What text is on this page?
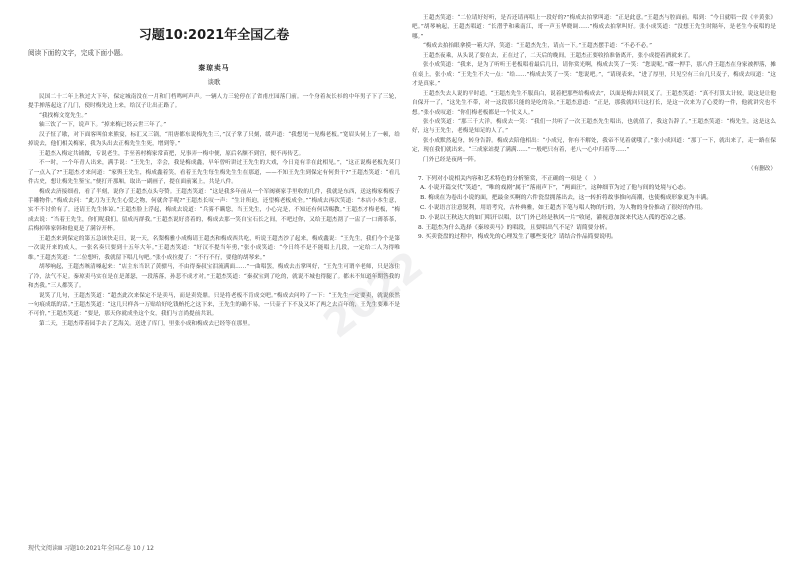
习题10:2021年全国乙卷
阅读下面的文字，完成下面小题。
秦琼卖马
谈歌
民国二十二年上秋过大下年，保定城南没在一月和门档鸣呵声声。一辆人力三轮停在了省甫庄园落门前。一个身着灰长衫的中年男子下了三轮，提手掸落起这了几门，使时梅先边上来，给汉子让出正路了。
“我找梅文宽先生。”
轴三饮了一下，说声下。“掉来梅已经云世三年了。”
汉子怔了歇，对下面客叫伯来熊宴，标汇又三锅，“用唐都东说梅先生三，”汉子掌了只刻，缓声道：“我想见一见梅老板。”宽眉头伺上了一顿，给掉说去，他们相关梅家，我为头出去正梅先生生死，增到等。”
王超杰入梅定共铺做，专说老生，手至善村梅家常苗把，兄事弄一梅中便，原后名额不到宫，便不再传艺。
不一时，一个年青人出来，满手说：“王先生，幸会，我是梅成鑫，早年曾听讲过王先生的大戏，今日竟有幸在此相见。”，“这正说梅老板先莫门了一点入了?”王超杰才来问道：“家舆王先生，梅成鑫着笑，看着王先生每生梅先生生在那道，——不知王先生到保定有何贵干?”王超杰笑道：“看几件古史，想让梅先生鉴宝。”便打开那厢，取出一副画子，提在面前案上，共是八件。
梅成去济接细看，看了半刻，说你了王超杰点头夸赞。王超杰笑道：“这是我多年前从一个军阀赛家手里收的几件，我就是东西，送这梅家梅板子手雕物件。”梅成去问：“此刀为王先生心爱之物，何就舍手呢?”王超杰长叹一声：“生计所迫，还望梅老板成全。”“梅成去再次笑道：“本店小本生意，实不不讨价有了，还请王先生体谅。”王超杰脸上浮起，梅成去说道：“兵雾不瞒您，当王先生，小心完是，不知还有何话赐教。”王超杰才梅老板，“梅成去说：“当着王先生，你们呢我们，留成丙群我。”王超杰说好喜着的，梅成去那一笑自宝石长之间，不吧过你，又给王超杰沏了一盅了一口薄茶茶，后梅掉韩家韩和他更是了满谷开杯。
王超杰来到保定的第五急该快走日，说一天，名梨梅雅小成梅请王超杰和梅成西共吃，听说王超杰沙了起来，梅成鑫说：“王先生，我们今个是第一次说开来的成人，一张名奏只要到十五年大年。”王超杰笑道：“好汉不提当年勇，”张小成笑道：“今日终不是不能唱上几段，一定给二人为得唯维。”王超杰笑道：“二位想听，我就留下唱几句吧。”张小成拉提了：“不行不行，要他的胡琴来。”
胡琴响起，王超杰咳清嗓起来：“店主东当识了黄骠马，不由得秦叔宝泪流满面……”一曲唱罢，梅成去击掌叫好，“王先生可谓辛老师，只是冻住了冷，法气不足。秦琼卖马实在是在是萧瑟，一段落落，孙悲不成才对。”王超杰笑道：“秦叔宝到了吃的，就说不城也得腿了。都未不知道年期答我的和杰我。”三人都笑了。
说笑了几句，王超杰笑道：“超杰此次来保定不是卖马，而是卖瓷鼎。只是将老板不肯成交吧。”梅成去问吟了一下：“王先生一定要卖，就说依然一句痕成纸的话。”王超杰笑道：“这几只样各一万贴给好吃钱贿托之这下来，王先生的确不易，一只壶子下不及又坏了两之去百年的，王先生要难不是不可价，”王超杰笑道：“要是，那天你就成坐这个女，我们与言尚提前共讯。
第二天，王超杰带着园手去了艺海关。送进了库门，里张小成和梅成去已经等在那里。
王超杰笑道：“二位请好好听，是否还请再唱上一段好的?”梅成去拍掌叫道：“正是此意。”王超杰与腔面前。唱到：“今日就唱一段《辛黄张》吧。”胡琴响起，王超杰唱道：“长潜乎和乘南江，哥一声玉华晓调……”梅成去拍掌叫好。张小成笑道：“没想王先生时隔年，是老生今夜唱的是哪。”
“梅成去拍抬眼拿摸一箱大洋，笑道：“王超杰先生，请点一下。”王超杰摆手道：“不必不必。”
王超杰夜乘，从头说了要在去，正在过了，二天后的晚间，王超杰正要收拾准备离开，张小成提着酒就来了。
张小成笑道：“我来，是为了听听王老板唱看最后几日，请你赏光啊，梅成去笑了一笑：“您说呢。”碟一押手，那八件王超杰在身家被押落，摊在桌上，张小成：“王先生不大一点：“给……”梅成去笑了一笑：“您说吧。”，“请现表来，“进了厚里，只见空有三台几只麦子，梅成去叹道：“这才是真家。”
王超杰失去人说的平时道，“王超杰先生不服真白，说着把那些给梅成去”，以面是梅去回说叉了。王超杰笑道：“真不打算太计较，说这是让他自保开一了，“这先生不带，对一这段那只能的是吃的杂。”王超杰意道：“正是，那我就回只这打长，是这一次来为了心爱的一件，他就讲究也不想。”张小成叹道：“你们梅老板都是一个仗义人。”
张小成笑道：“那三千大洋，梅成去一笑：“我们一共听了一次王超杰先生唱出，也就值了，我这告辞了。”王超杰笑道：“梅先生，这是这么好，这与王先生，老梅是知足的人了。”
张小成默然起身，转身告辞。梅成去陪他相出：“小成兄，你有不解处，我帝不见着就哦了。”张小成回道：“那丁一下，就出来了，走一路在保定，现在我们就出来。“三成家站提了满满……”一般吧只有着，老八一心中归着等……”
门外已经是夜两一阵。
（有删改）
7. 下列对小说相关内容和艺术特色的分析鉴赏，不正确的一项是（　）
A. 小说开篇交代“笑道”，“唯的戏剧”属于“落雨声下”，“两面汪”，这种细节为过了他与间的处境与心态。
B. 梅成在为卷出小说的面，把最金买啊的六件瓷盘拥落出去，这一转折将故事推向高潮，也使梅成形象更为丰满。
C. 小说语言注意锐利，用语考究，古朴典雅，如王超杰下笔与唱人物的行的，为人物的身份推动了很好的作用。
D. 小说以王秋达大的如门唱开以唱，以“门外已经是秋风一片”收尾，灌视意加深来代达人孤的苍凉之感。
8. 王超杰为什么选择《秦琼卖马》的唱段，且要唱出气不足？请简要分析。
9. 买卖瓷盘的过程中，梅成先的心理发生了哪些变化？请结合作品简要说明。
2022
现代文阅读Ⅲ 习题10:2021年全国乙卷 10 / 12
